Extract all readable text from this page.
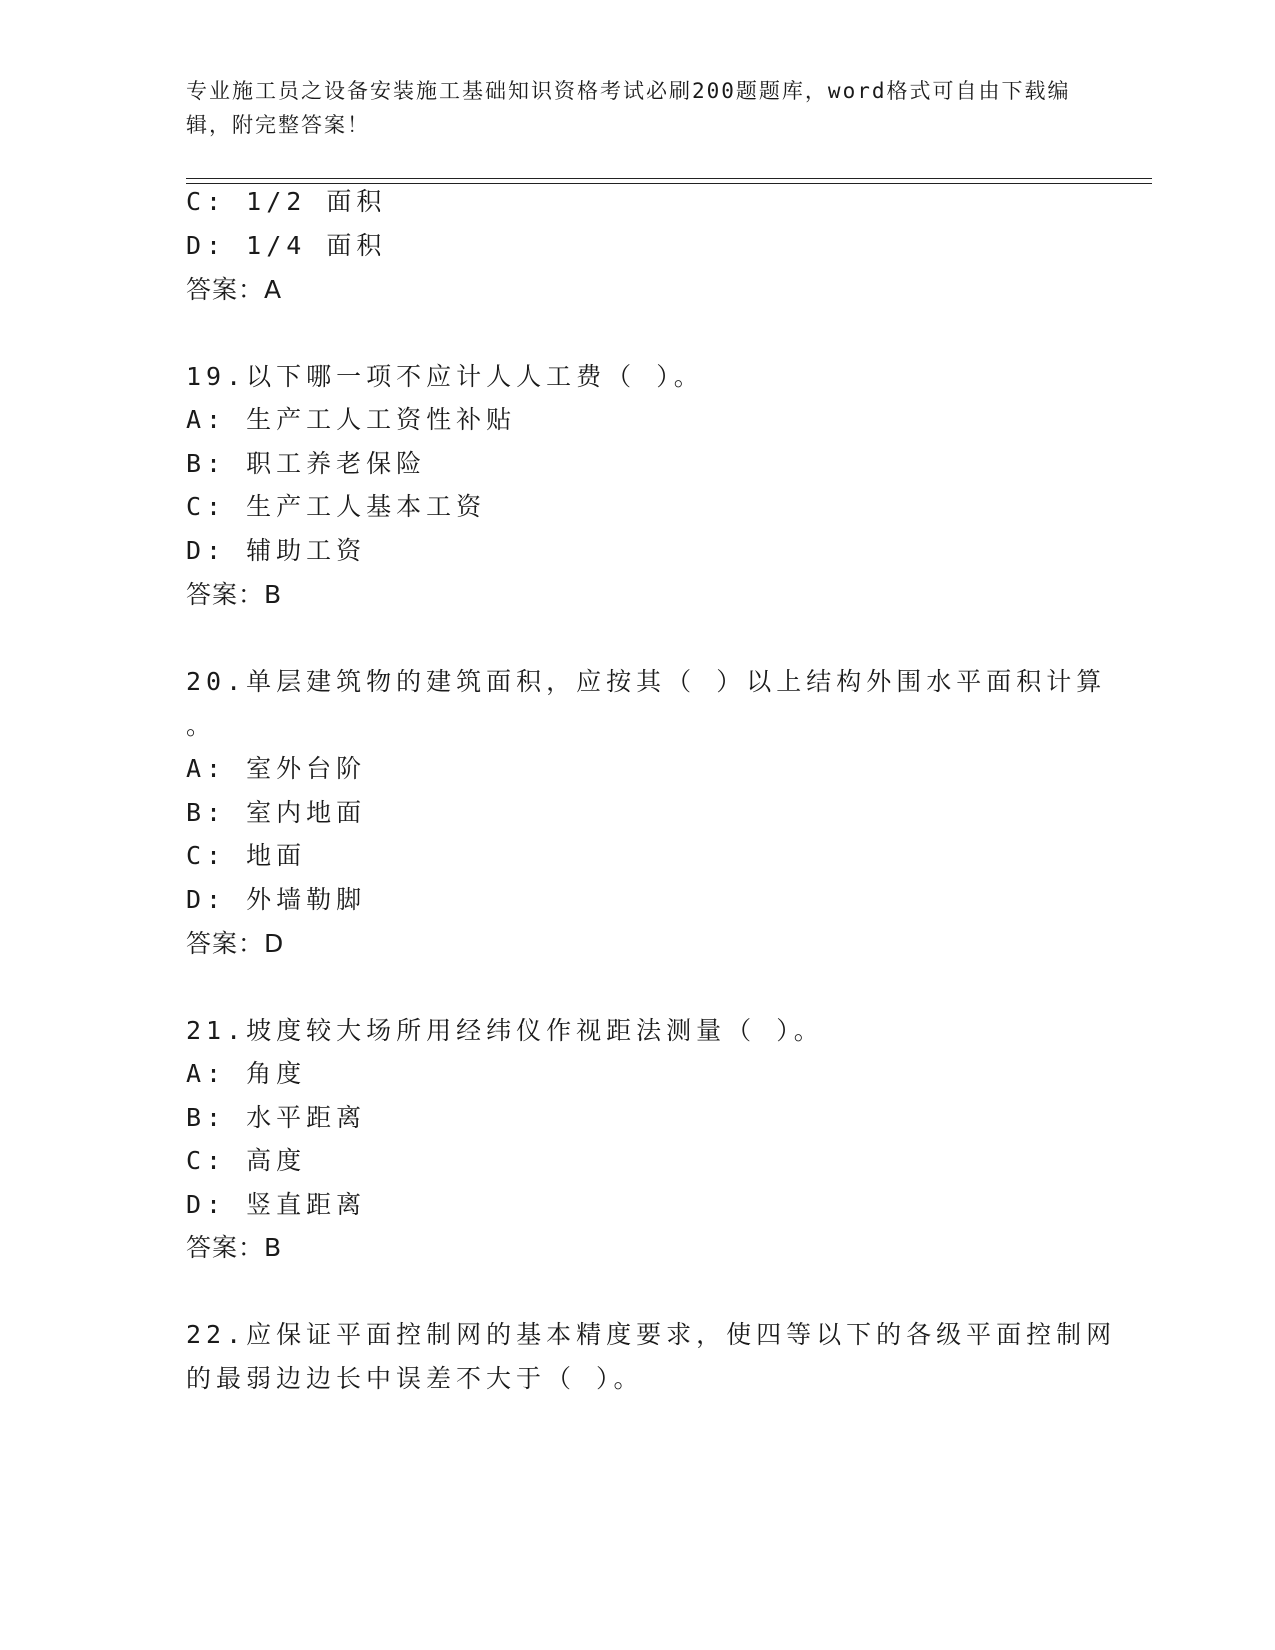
专业施工员之设备安装施工基础知识资格考试必刷200题题库，word格式可自由下载编辑，附完整答案！
C: 1/2 面积
D: 1/4 面积
答案：A
19.以下哪一项不应计人人工费（ ）。
A: 生产工人工资性补贴
B: 职工养老保险
C: 生产工人基本工资
D: 辅助工资
答案：B
20.单层建筑物的建筑面积，应按其（ ）以上结构外围水平面积计算
。
A: 室外台阶
B: 室内地面
C: 地面
D: 外墙勒脚
答案：D
21.坡度较大场所用经纬仪作视距法测量（ ）。
A: 角度
B: 水平距离
C: 高度
D: 竖直距离
答案：B
22.应保证平面控制网的基本精度要求，使四等以下的各级平面控制网
的最弱边边长中误差不大于（ ）。
